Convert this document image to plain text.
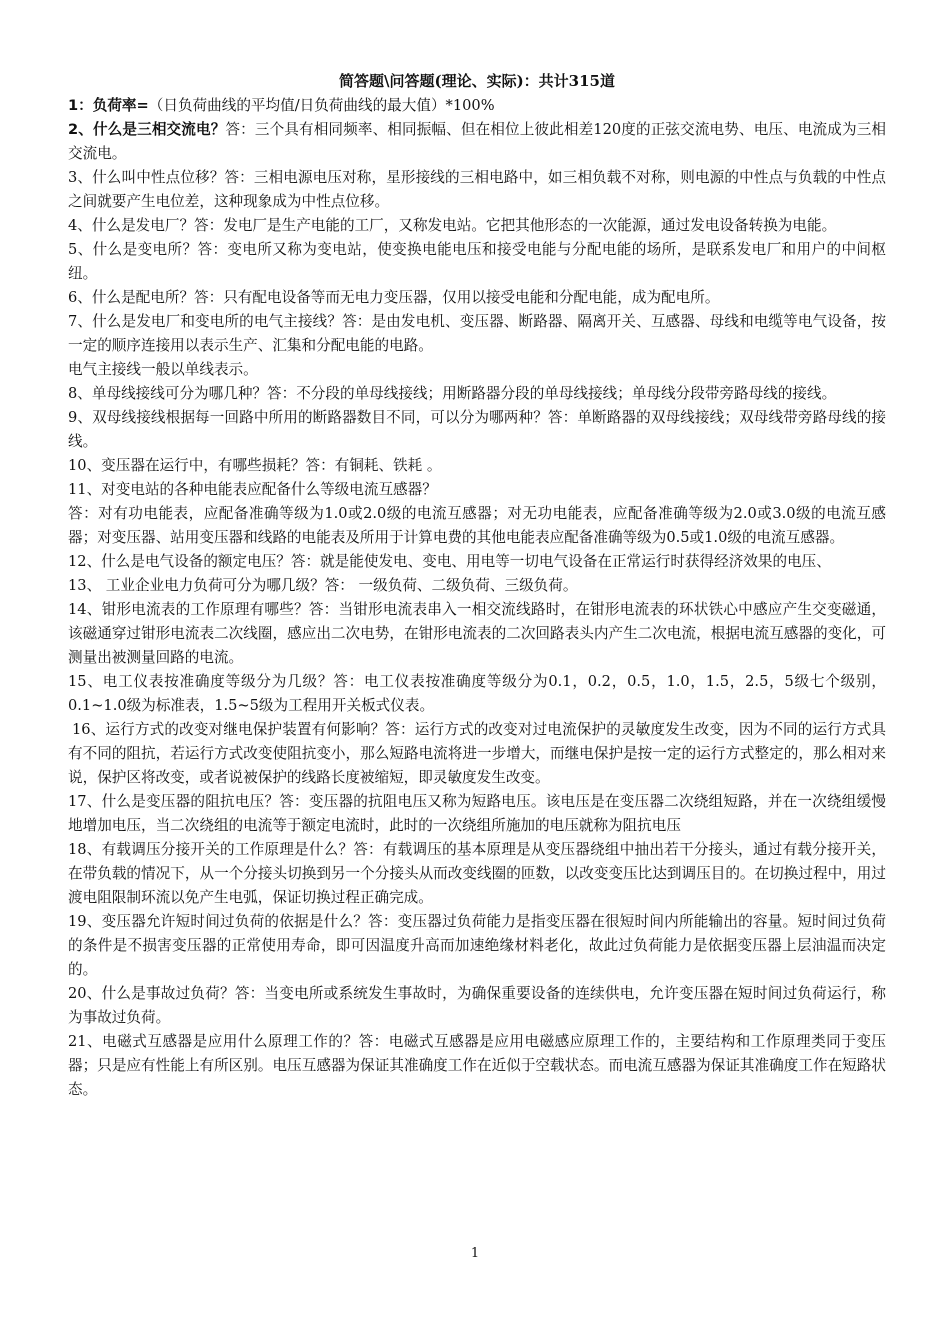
简答题\问答题(理论、实际)：共计315道

1：负荷率=（日负荷曲线的平均值/日负荷曲线的最大值）*100%

2、什么是三相交流电？答：三个具有相同频率、相同振幅、但在相位上彼此相差120度的正弦交流电势、电压、电流成为三相交流电。

3、什么叫中性点位移？答：三相电源电压对称，星形接线的三相电路中，如三相负载不对称，则电源的中性点与负载的中性点之间就要产生电位差，这种现象成为中性点位移。

4、什么是发电厂？答：发电厂是生产电能的工厂，又称发电站。它把其他形态的一次能源，通过发电设备转换为电能。

5、什么是变电所？答：变电所又称为变电站，使变换电能电压和接受电能与分配电能的场所，是联系发电厂和用户的中间枢纽。

6、什么是配电所？答：只有配电设备等而无电力变压器，仅用以接受电能和分配电能，成为配电所。

7、什么是发电厂和变电所的电气主接线？答：是由发电机、变压器、断路器、隔离开关、互感器、母线和电缆等电气设备，按一定的顺序连接用以表示生产、汇集和分配电能的电路。

电气主接线一般以单线表示。

8、单母线接线可分为哪几种？答：不分段的单母线接线；用断路器分段的单母线接线；单母线分段带旁路母线的接线。

9、双母线接线根据每一回路中所用的断路器数目不同，可以分为哪两种？答：单断路器的双母线接线；双母线带旁路母线的接线。

10、变压器在运行中，有哪些损耗？答：有铜耗、铁耗 。

11、对变电站的各种电能表应配备什么等级电流互感器？

答：对有功电能表，应配备准确等级为1.0或2.0级的电流互感器；对无功电能表，应配备准确等级为2.0或3.0级的电流互感器；对变压器、站用变压器和线路的电能表及所用于计算电费的其他电能表应配备准确等级为0.5或1.0级的电流互感器。

12、什么是电气设备的额定电压？答：就是能使发电、变电、用电等一切电气设备在正常运行时获得经济效果的电压、

13、 工业企业电力负荷可分为哪几级？答： 一级负荷、二级负荷、三级负荷。

14、钳形电流表的工作原理有哪些？答：当钳形电流表串入一相交流线路时，在钳形电流表的环状铁心中感应产生交变磁通，该磁通穿过钳形电流表二次线圈，感应出二次电势，在钳形电流表的二次回路表头内产生二次电流，根据电流互感器的变化，可测量出被测量回路的电流。

15、电工仪表按准确度等级分为几级？答：电工仪表按准确度等级分为0.1，0.2，0.5，1.0，1.5，2.5，5级七个级别，0.1~1.0级为标准表，1.5~5级为工程用开关板式仪表。

16、运行方式的改变对继电保护装置有何影响？答：运行方式的改变对过电流保护的灵敏度发生改变，因为不同的运行方式具有不同的阻抗，若运行方式改变使阻抗变小，那么短路电流将进一步增大，而继电保护是按一定的运行方式整定的，那么相对来说，保护区将改变，或者说被保护的线路长度被缩短，即灵敏度发生改变。

17、什么是变压器的阻抗电压？答：变压器的抗阻电压又称为短路电压。该电压是在变压器二次绕组短路，并在一次绕组缓慢地增加电压，当二次绕组的电流等于额定电流时，此时的一次绕组所施加的电压就称为阻抗电压

18、有载调压分接开关的工作原理是什么？答：有载调压的基本原理是从变压器绕组中抽出若干分接头，通过有载分接开关，在带负载的情况下，从一个分接头切换到另一个分接头从而改变线圈的匝数，以改变变压比达到调压目的。在切换过程中，用过渡电阻限制环流以免产生电弧，保证切换过程正确完成。

19、变压器允许短时间过负荷的依据是什么？答：变压器过负荷能力是指变压器在很短时间内所能输出的容量。短时间过负荷的条件是不损害变压器的正常使用寿命，即可因温度升高而加速绝缘材料老化，故此过负荷能力是依据变压器上层油温而决定的。

20、什么是事故过负荷？答：当变电所或系统发生事故时，为确保重要设备的连续供电，允许变压器在短时间过负荷运行，称为事故过负荷。

21、电磁式互感器是应用什么原理工作的？答：电磁式互感器是应用电磁感应原理工作的，主要结构和工作原理类同于变压器；只是应有性能上有所区别。电压互感器为保证其准确度工作在近似于空载状态。而电流互感器为保证其准确度工作在短路状态。

1
